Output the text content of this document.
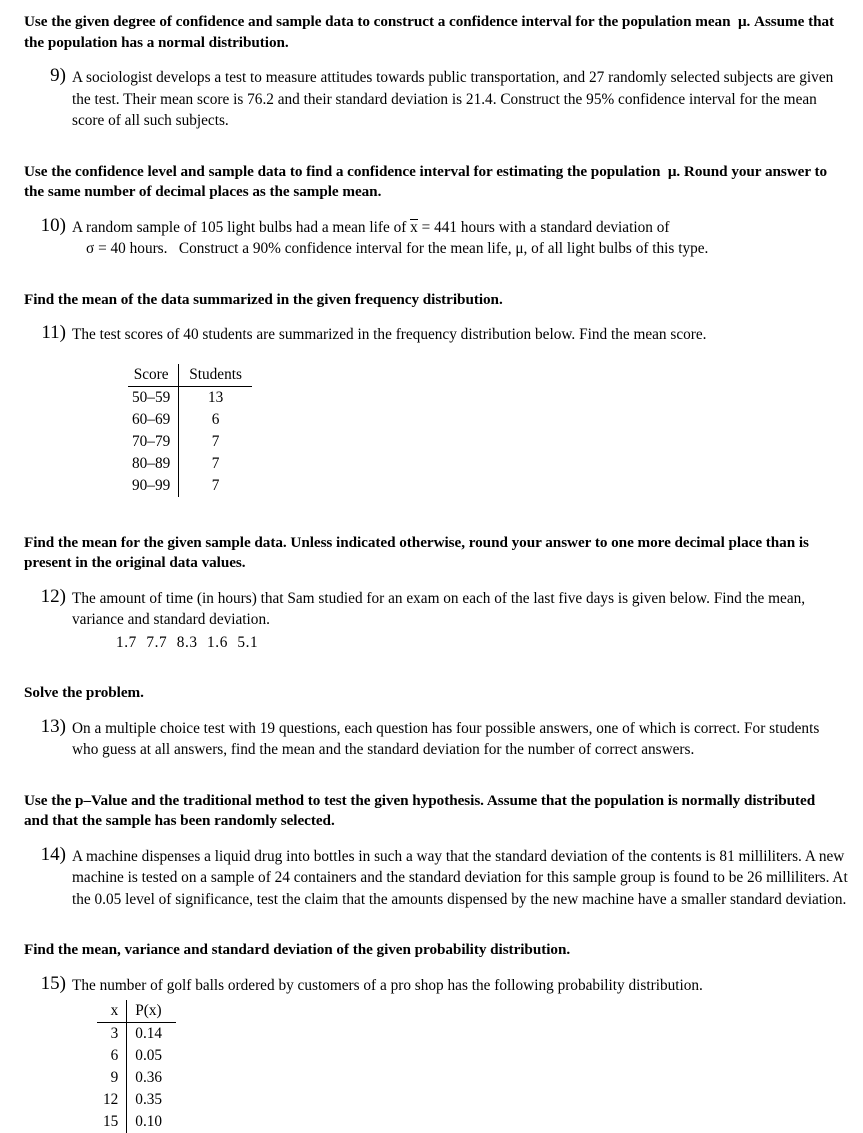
Use the given degree of confidence and sample data to construct a confidence interval for the population mean  μ. Assume that the population has a normal distribution.
9) A sociologist develops a test to measure attitudes towards public transportation, and 27 randomly selected subjects are given the test. Their mean score is 76.2 and their standard deviation is 21.4. Construct the 95% confidence interval for the mean score of all such subjects.

Use the confidence level and sample data to find a confidence interval for estimating the population  μ. Round your answer to the same number of decimal places as the sample mean.
10) A random sample of 105 light bulbs had a mean life of x = 441 hours with a standard deviation of

σ = 40 hours.   Construct a 90% confidence interval for the mean life, μ, of all light bulbs of this type.

Find the mean of the data summarized in the given frequency distribution.
11) The test scores of 40 students are summarized in the frequency distribution below. Find the mean score.

Score	Students
50–59	13
60–69	6
70–79	7
80–89	7
90–99	7
Find the mean for the given sample data. Unless indicated otherwise, round your answer to one more decimal place than is present in the original data values.
12) The amount of time (in hours) that Sam studied for an exam on each of the last five days is given below. Find the mean, variance and standard deviation.

1.7 7.7 8.3 1.6 5.1
Solve the problem.
13) On a multiple choice test with 19 questions, each question has four possible answers, one of which is correct. For students who guess at all answers, find the mean and the standard deviation for the number of correct answers.

Use the p–Value and the traditional method to test the given hypothesis. Assume that the population is normally distributed and that the sample has been randomly selected.
14) A machine dispenses a liquid drug into bottles in such a way that the standard deviation of the contents is 81 milliliters. A new machine is tested on a sample of 24 containers and the standard deviation for this sample group is found to be 26 milliliters. At the 0.05 level of significance, test the claim that the amounts dispensed by the new machine have a smaller standard deviation.

Find the mean, variance and standard deviation of the given probability distribution.
15) The number of golf balls ordered by customers of a pro shop has the following probability distribution.

x	P(x)
3	0.14
6	0.05
9	0.36
12	0.35
15	0.10
